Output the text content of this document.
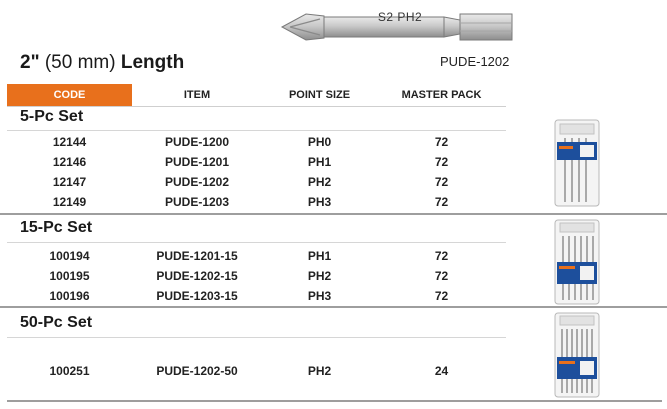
S2 PH2
2" (50 mm) Length	PUDE-1202
CODE	ITEM	POINT SIZE	MASTER PACK
5-Pc Set
12144	PUDE-1200	PH0	72
12146	PUDE-1201	PH1	72
12147	PUDE-1202	PH2	72
12149	PUDE-1203	PH3	72
15-Pc Set
100194	PUDE-1201-15	PH1	72
100195	PUDE-1202-15	PH2	72
100196	PUDE-1203-15	PH3	72
50-Pc Set
100251	PUDE-1202-50	PH2	24
